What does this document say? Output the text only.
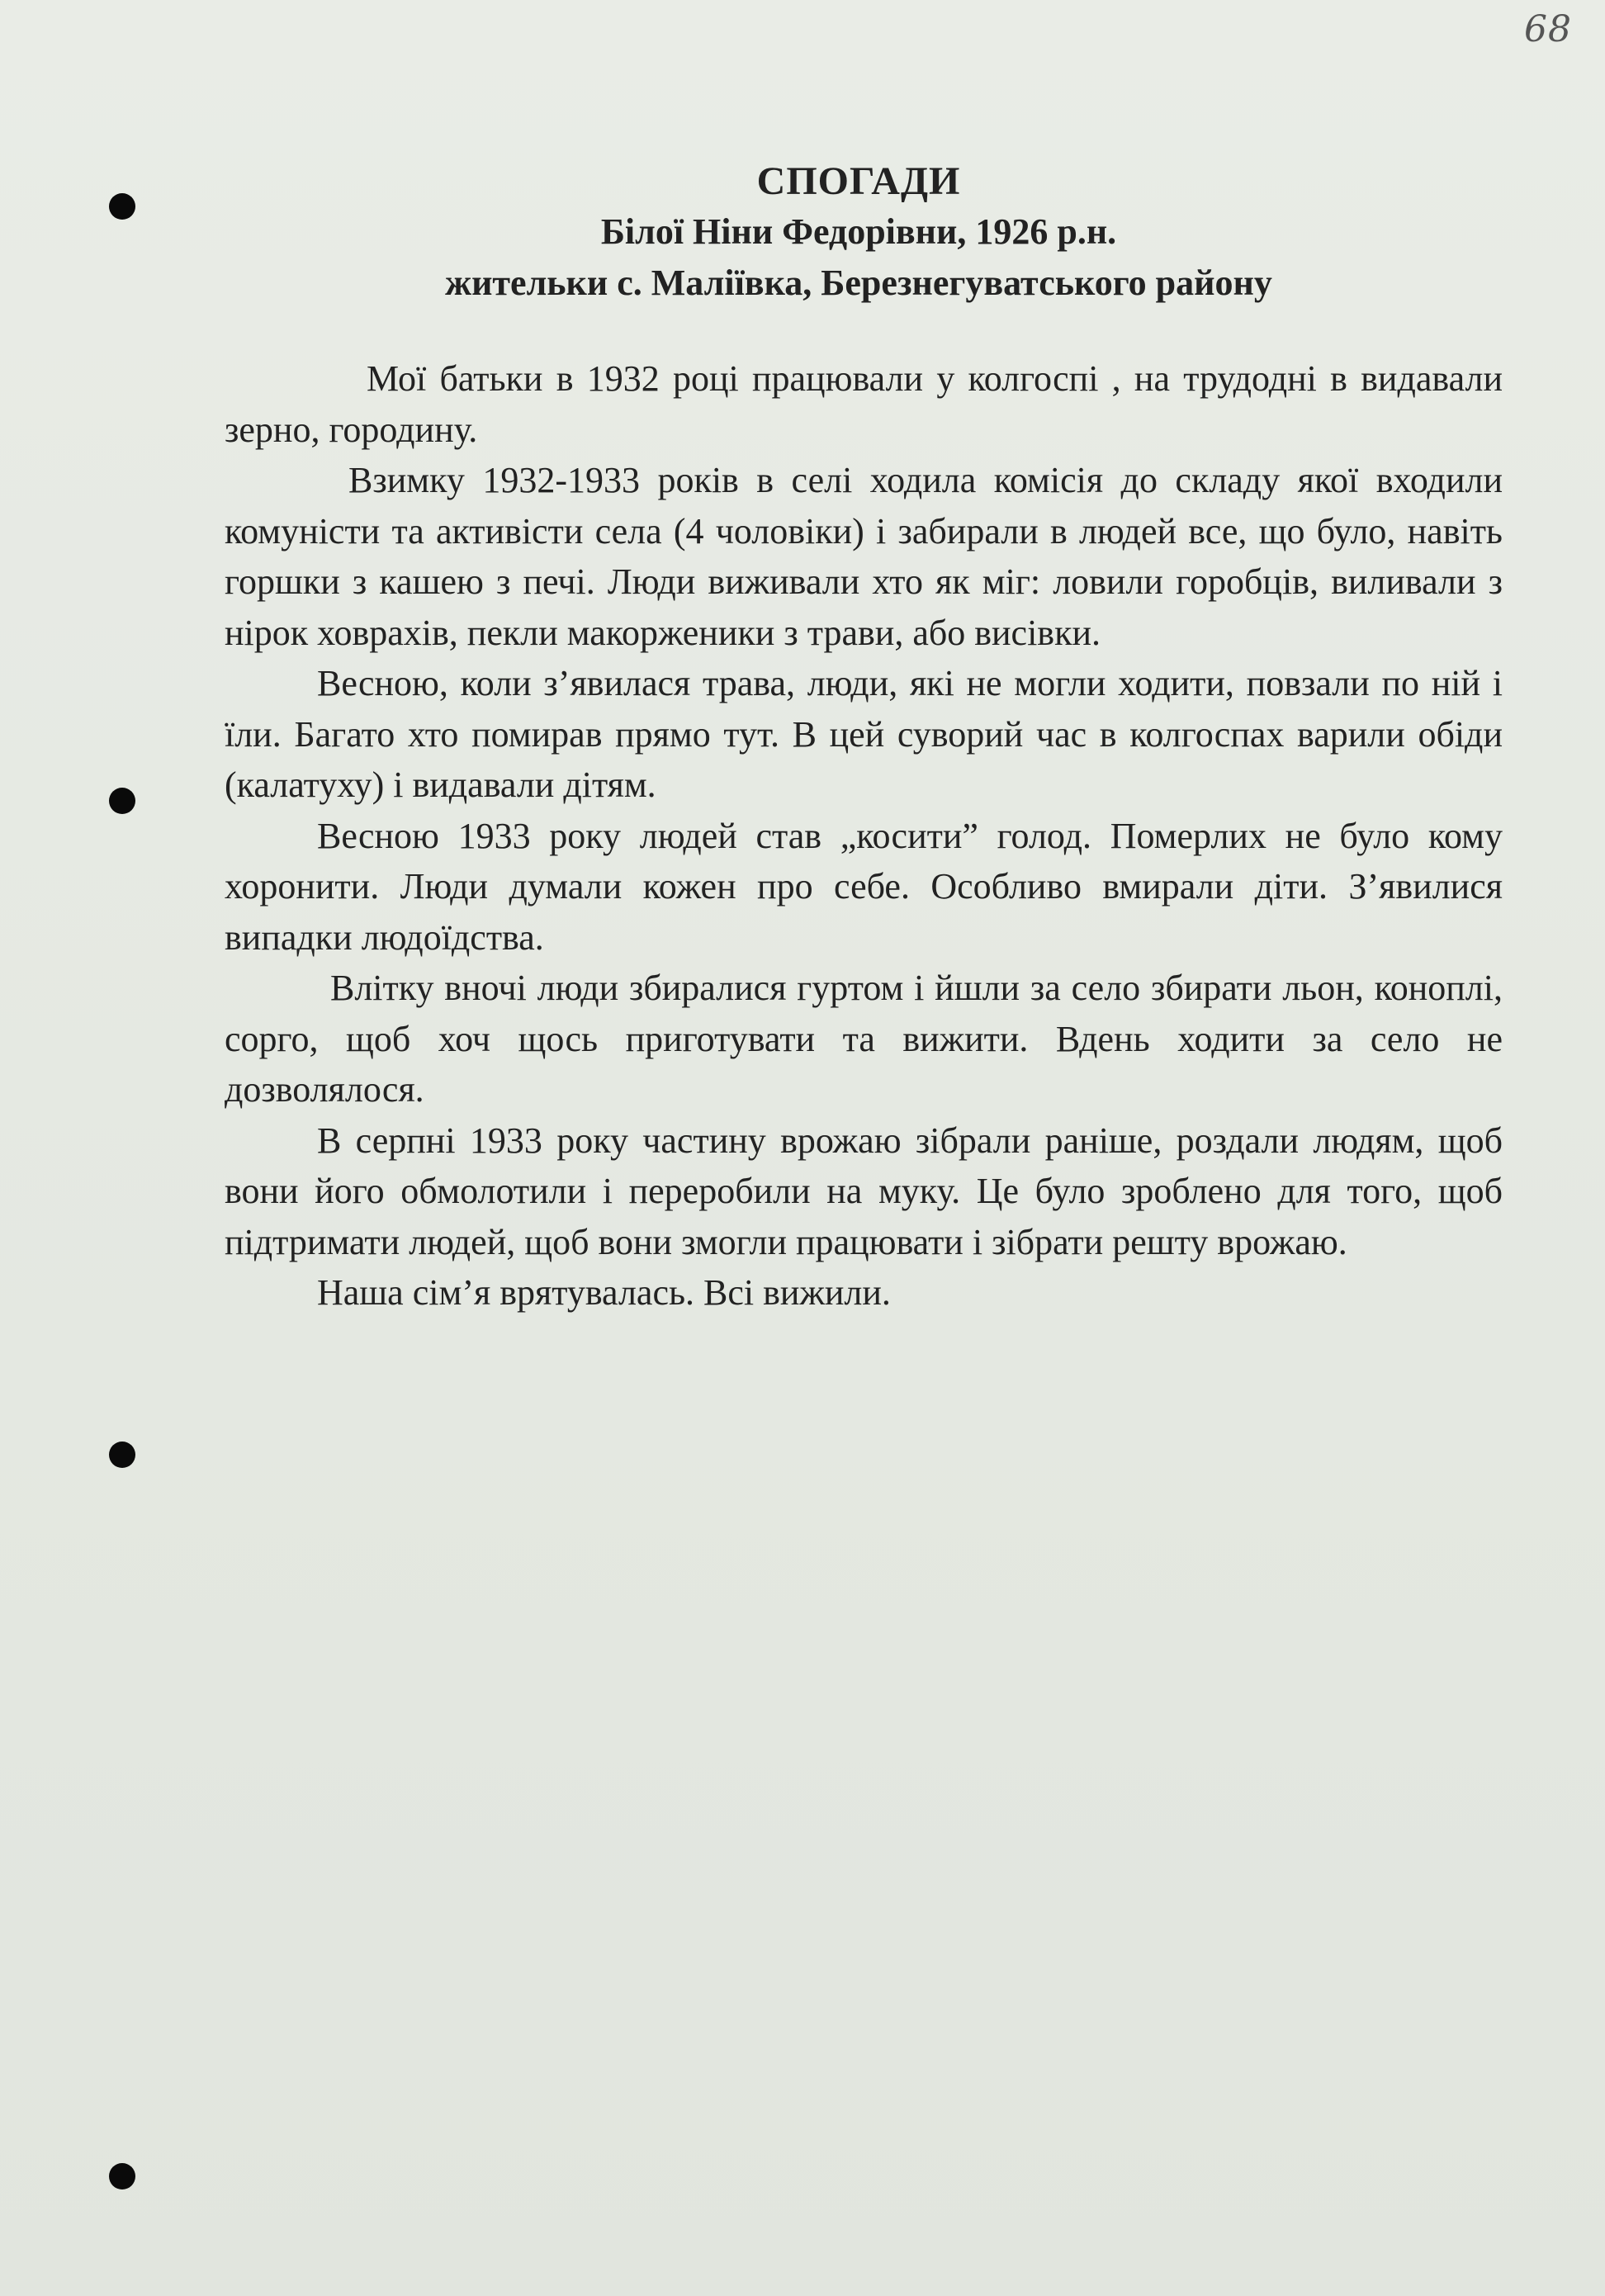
68
СПОГАДИ
Білої Ніни Федорівни, 1926 р.н.
жительки с. Маліївка, Березнегуватського району

Мої батьки в 1932 році працювали у колгоспі , на трудодні в видавали зерно, городину.

Взимку 1932-1933 років в селі ходила комісія до складу якої входили комуністи та активісти села (4 чоловіки) і забирали в людей все, що було, навіть горшки з кашею з печі. Люди виживали хто як міг: ловили горобців, виливали з нірок ховрахів, пекли макорженики з трави, або висівки.

Весною, коли з’явилася трава, люди, які не могли ходити, повзали по ній і їли. Багато хто помирав прямо тут. В цей суворий час в колгоспах варили обіди (калатуху) і видавали дітям.

Весною 1933 року людей став „косити” голод. Померлих не було кому хоронити. Люди думали кожен про себе. Особливо вмирали діти. З’явилися випадки людоїдства.

Влітку вночі люди збиралися гуртом і йшли за село збирати льон, коноплі, сорго, щоб хоч щось приготувати та вижити. Вдень ходити за село не дозволялося.

В серпні 1933 року частину врожаю зібрали раніше, роздали людям, щоб вони його обмолотили і переробили на муку. Це було зроблено для того, щоб підтримати людей, щоб вони змогли працювати і зібрати решту врожаю.

Наша сім’я врятувалась. Всі вижили.
